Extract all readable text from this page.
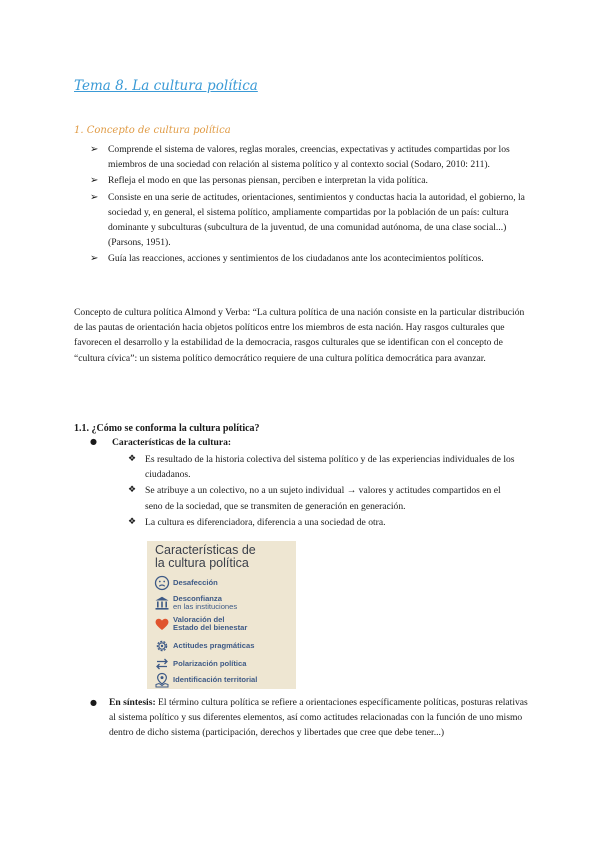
Tema 8. La cultura política
1. Concepto de cultura política
➢ Comprende el sistema de valores, reglas morales, creencias, expectativas y actitudes compartidas por los miembros de una sociedad con relación al sistema político y al contexto social (Sodaro, 2010: 211).
➢ Refleja el modo en que las personas piensan, perciben e interpretan la vida política.
➢ Consiste en una serie de actitudes, orientaciones, sentimientos y conductas hacia la autoridad, el gobierno, la sociedad y, en general, el sistema político, ampliamente compartidas por la población de un país: cultura dominante y subculturas (subcultura de la juventud, de una comunidad autónoma, de una clase social...) (Parsons, 1951).
➢ Guía las reacciones, acciones y sentimientos de los ciudadanos ante los acontecimientos políticos.
Concepto de cultura política Almond y Verba: “La cultura política de una nación consiste en la particular distribución de las pautas de orientación hacia objetos políticos entre los miembros de esta nación. Hay rasgos culturales que favorecen el desarrollo y la estabilidad de la democracia, rasgos culturales que se identifican con el concepto de “cultura cívica”: un sistema político democrático requiere de una cultura política democrática para avanzar.
1.1. ¿Cómo se conforma la cultura política?
● Características de la cultura:
❖ Es resultado de la historia colectiva del sistema político y de las experiencias individuales de los ciudadanos.
❖ Se atribuye a un colectivo, no a un sujeto individual → valores y actitudes compartidos en el seno de la sociedad, que se transmiten de generación en generación.
❖ La cultura es diferenciadora, diferencia a una sociedad de otra.
Características de
la cultura política
Desafección
Desconfianza
en las instituciones
Valoración del
Estado del bienestar
Actitudes pragmáticas
Polarización política
Identificación territorial
●	En síntesis: El término cultura política se refiere a orientaciones específicamente políticas, posturas relativas al sistema político y sus diferentes elementos, así como actitudes relacionadas con la función de uno mismo dentro de dicho sistema (participación, derechos y libertades que cree que debe tener...)
